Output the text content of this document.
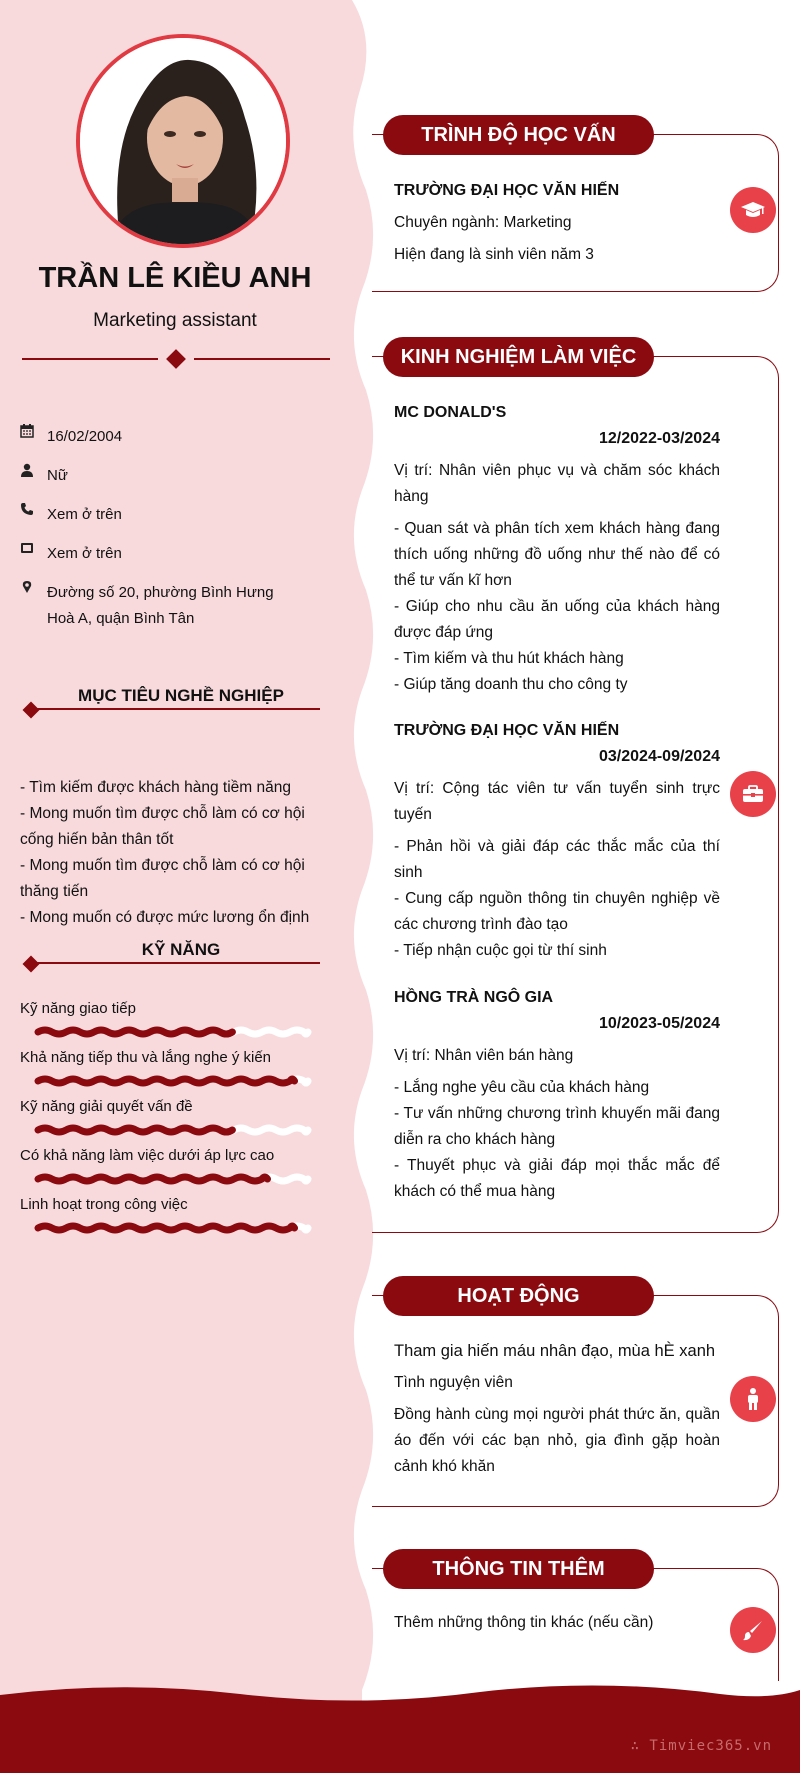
∴ Timviec365.vn
TRẦN LÊ KIỀU ANH
Marketing assistant
16/02/2004
Nữ
Xem ở trên
Xem ở trên
Đường số 20, phường Bình Hưng
Hoà A, quận Bình Tân
MỤC TIÊU NGHỀ NGHIỆP
- Tìm kiếm được khách hàng tiềm năng
- Mong muốn tìm được chỗ làm có cơ hội
cống hiến bản thân tốt
- Mong muốn tìm được chỗ làm có cơ hội
thăng tiến
- Mong muốn có được mức lương ổn định
KỸ NĂNG
Kỹ năng giao tiếp
Khả năng tiếp thu và lắng nghe ý kiến
Kỹ năng giải quyết vấn đề
Có khả năng làm việc dưới áp lực cao
Linh hoạt trong công việc
TRÌNH ĐỘ HỌC VẤN
TRƯỜNG ĐẠI HỌC VĂN HIẾN
Chuyên ngành: Marketing
Hiện đang là sinh viên năm 3
KINH NGHIỆM LÀM VIỆC
MC DONALD'S
12/2022-03/2024
Vị trí: Nhân viên phục vụ và chăm sóc khách hàng
- Quan sát và phân tích xem khách hàng đang thích uống những đồ uống như thế nào để có thể tư vấn kĩ hơn
- Giúp cho nhu cầu ăn uống của khách hàng được đáp ứng
- Tìm kiếm và thu hút khách hàng
- Giúp tăng doanh thu cho công ty
TRƯỜNG ĐẠI HỌC VĂN HIẾN
03/2024-09/2024
Vị trí: Cộng tác viên tư vấn tuyển sinh trực tuyến
- Phản hồi và giải đáp các thắc mắc của thí sinh
- Cung cấp nguồn thông tin chuyên nghiệp về các chương trình đào tạo
- Tiếp nhận cuộc gọi từ thí sinh
HỒNG TRÀ NGÔ GIA
10/2023-05/2024
Vị trí: Nhân viên bán hàng
- Lắng nghe yêu cầu của khách hàng
- Tư vấn những chương trình khuyến mãi đang diễn ra cho khách hàng
- Thuyết phục và giải đáp mọi thắc mắc để khách có thể mua hàng
HOẠT ĐỘNG
Tham gia hiến máu nhân đạo, mùa hÈ xanh
Tình nguyện viên
Đồng hành cùng mọi người phát thức ăn, quần áo đến với các bạn nhỏ, gia đình gặp hoàn cảnh khó khăn
THÔNG TIN THÊM
Thêm những thông tin khác (nếu cần)
